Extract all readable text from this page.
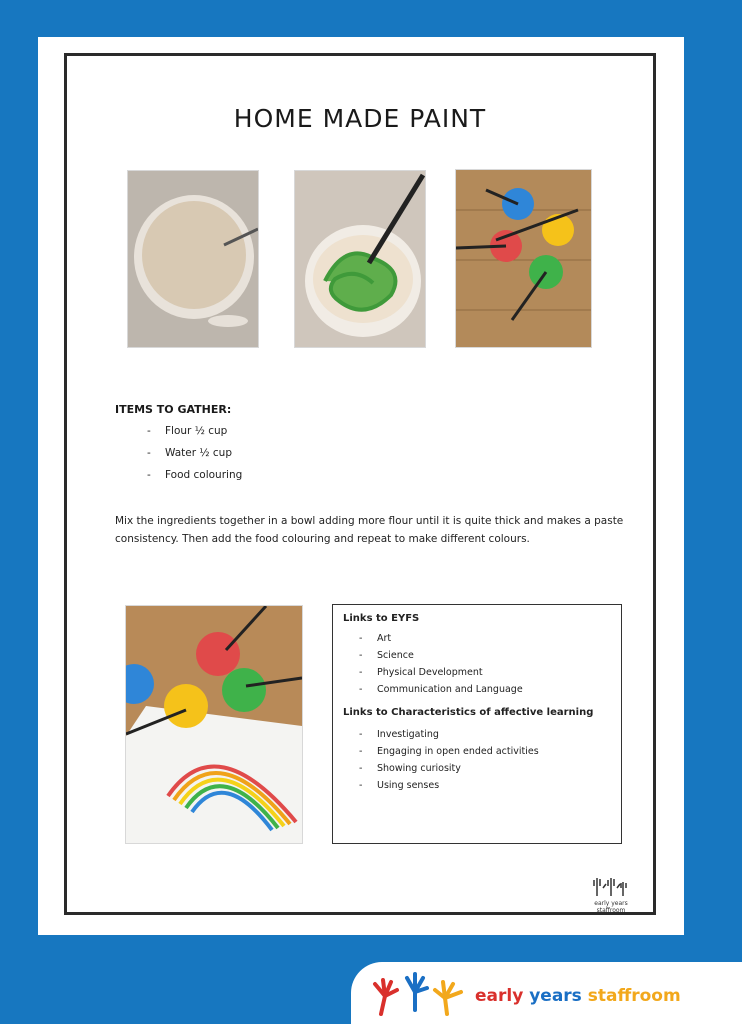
HOME MADE PAINT
ITEMS TO GATHER:
- Flour ½ cup
- Water ½ cup
- Food colouring
Mix the ingredients together in a bowl adding more flour until it is quite thick and makes a paste consistency. Then add the food colouring and repeat to make different colours.
Links to EYFS
- Art
- Science
- Physical Development
- Communication and Language
Links to Characteristics of affective learning
- Investigating
- Engaging in open ended activities
- Showing curiosity
- Using senses
early years staffroom
early years staffroom
